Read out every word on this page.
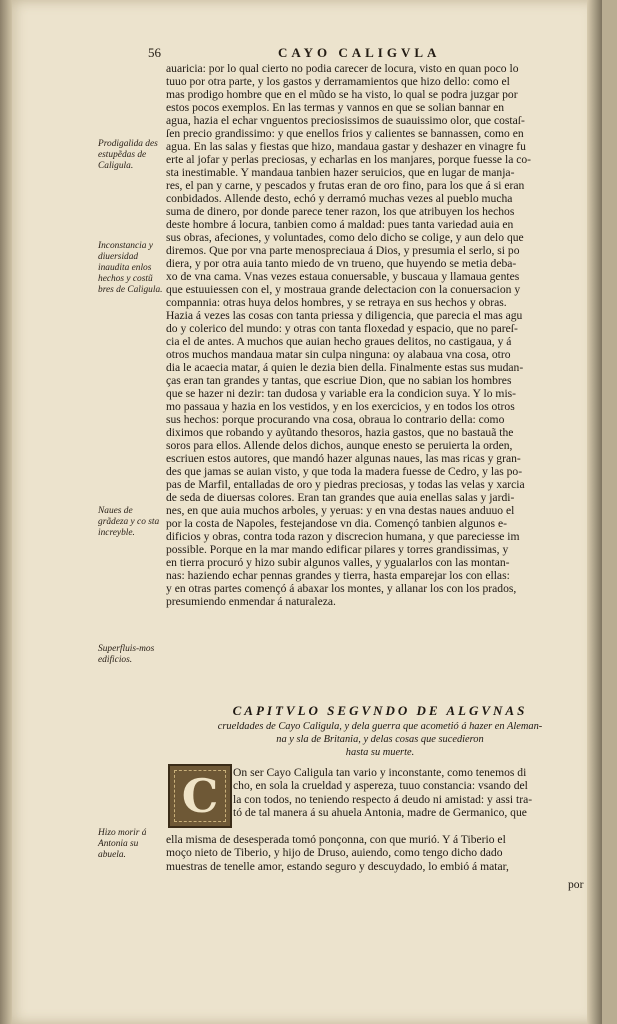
56	CAYO CALIGVLA
auaricia: por lo qual cierto no podia carecer de locura, visto en quan poco lo
tuuo por otra parte, y los gastos y derramamientos que hizo dello: como el
mas prodigo hombre que en el mũdo se ha visto, lo qual se podra juzgar por
estos pocos exemplos. En las termas y vannos en que se solian bannar en
agua, hazia el echar vnguentos preciosissimos de suauissimo olor, que costaſ-
ſen precio grandissimo: y que enellos frios y calientes se bannassen, como en
agua. En las salas y fiestas que hizo, mandaua gastar y deshazer en vinagre fu
erte al jofar y perlas preciosas, y echarlas en los manjares, porque fuesse la co-
sta inestimable. Y mandaua tanbien hazer seruicios, que en lugar de manja-
res, el pan y carne, y pescados y frutas eran de oro fino, para los que á si eran
conbidados. Allende desto, echó y derramó muchas vezes al pueblo mucha
suma de dinero, por donde parece tener razon, los que atribuyen los hechos
deste hombre á locura, tanbien como á maldad: pues tanta variedad auia en
sus obras, afeciones, y voluntades, como delo dicho se colige, y aun delo que
diremos. Que por vna parte menospreciaua á Dios, y presumia el serlo, si po
diera, y por otra auia tanto miedo de vn trueno, que huyendo se metia deba-
xo de vna cama. Vnas vezes estaua conuersable, y buscaua y llamaua gentes
que estuuiessen con el, y mostraua grande delectacion con la conuersacion y
compannia: otras huya delos hombres, y se retraya en sus hechos y obras.
Hazia á vezes las cosas con tanta priessa y diligencia, que parecia el mas agu
do y colerico del mundo: y otras con tanta floxedad y espacio, que no pareſ-
cia el de antes. A muchos que auian hecho graues delitos, no castigaua, y á
otros muchos mandaua matar sin culpa ninguna: oy alabaua vna cosa, otro
dia le acaecia matar, á quien le dezia bien della. Finalmente estas sus mudan-
ças eran tan grandes y tantas, que escriue Dion, que no sabian los hombres
que se hazer ni dezir: tan dudosa y variable era la condicion suya. Y lo mis-
mo passaua y hazia en los vestidos, y en los exercicios, y en todos los otros
sus hechos: porque procurando vna cosa, obraua lo contrario della: como
diximos que robando y ayũtando thesoros, hazia gastos, que no bastauã the
soros para ellos. Allende delos dichos, aunque enesto se peruierta la orden,
escriuen estos autores, que mandó hazer algunas naues, las mas ricas y gran-
des que jamas se auian visto, y que toda la madera fuesse de Cedro, y las po-
pas de Marfil, entalladas de oro y piedras preciosas, y todas las velas y xarcia
de seda de diuersas colores. Eran tan grandes que auia enellas salas y jardi-
nes, en que auia muchos arboles, y yeruas: y en vna destas naues anduuo el
por la costa de Napoles, festejandose vn dia. Començó tanbien algunos e-
dificios y obras, contra toda razon y discrecion humana, y que pareciesse im
possible. Porque en la mar mando edificar pilares y torres grandissimas, y
en tierra procuró y hizo subir algunos valles, y ygualarlos con las montan-
nas: haziendo echar pennas grandes y tierra, hasta emparejar los con ellas:
y en otras partes començó á abaxar los montes, y allanar los con los prados,
presumiendo enmendar á naturaleza.
Prodigalida des estupẽdas de Caligula.
Inconstancia y diuersidad inaudita enlos hechos y costũ bres de Caligula.
Naues de grãdeza y co sta increyble.
Superfluis-mos edificios.
Hizo morir á Antonia su abuela.
CAPITVLO SEGVNDO DE ALGVNAS
crueldades de Cayo Caligula, y dela guerra que acometió á hazer en Aleman-
na y sla de Britania, y delas cosas que sucedieron
hasta su muerte.
C	On ser Cayo Caligula tan vario y inconstante, como tenemos di
cho, en sola la crueldad y aspereza, tuuo constancia: vsando del
la con todos, no teniendo respecto á deudo ni amistad: y assi tra-
tó de tal manera á su ahuela Antonia, madre de Germanico, que
ella misma de desesperada tomó ponçonna, con que murió. Y á Tiberio el
moço nieto de Tiberio, y hijo de Druso, auiendo, como tengo dicho dado
muestras de tenelle amor, estando seguro y descuydado, lo embió á matar,
por
